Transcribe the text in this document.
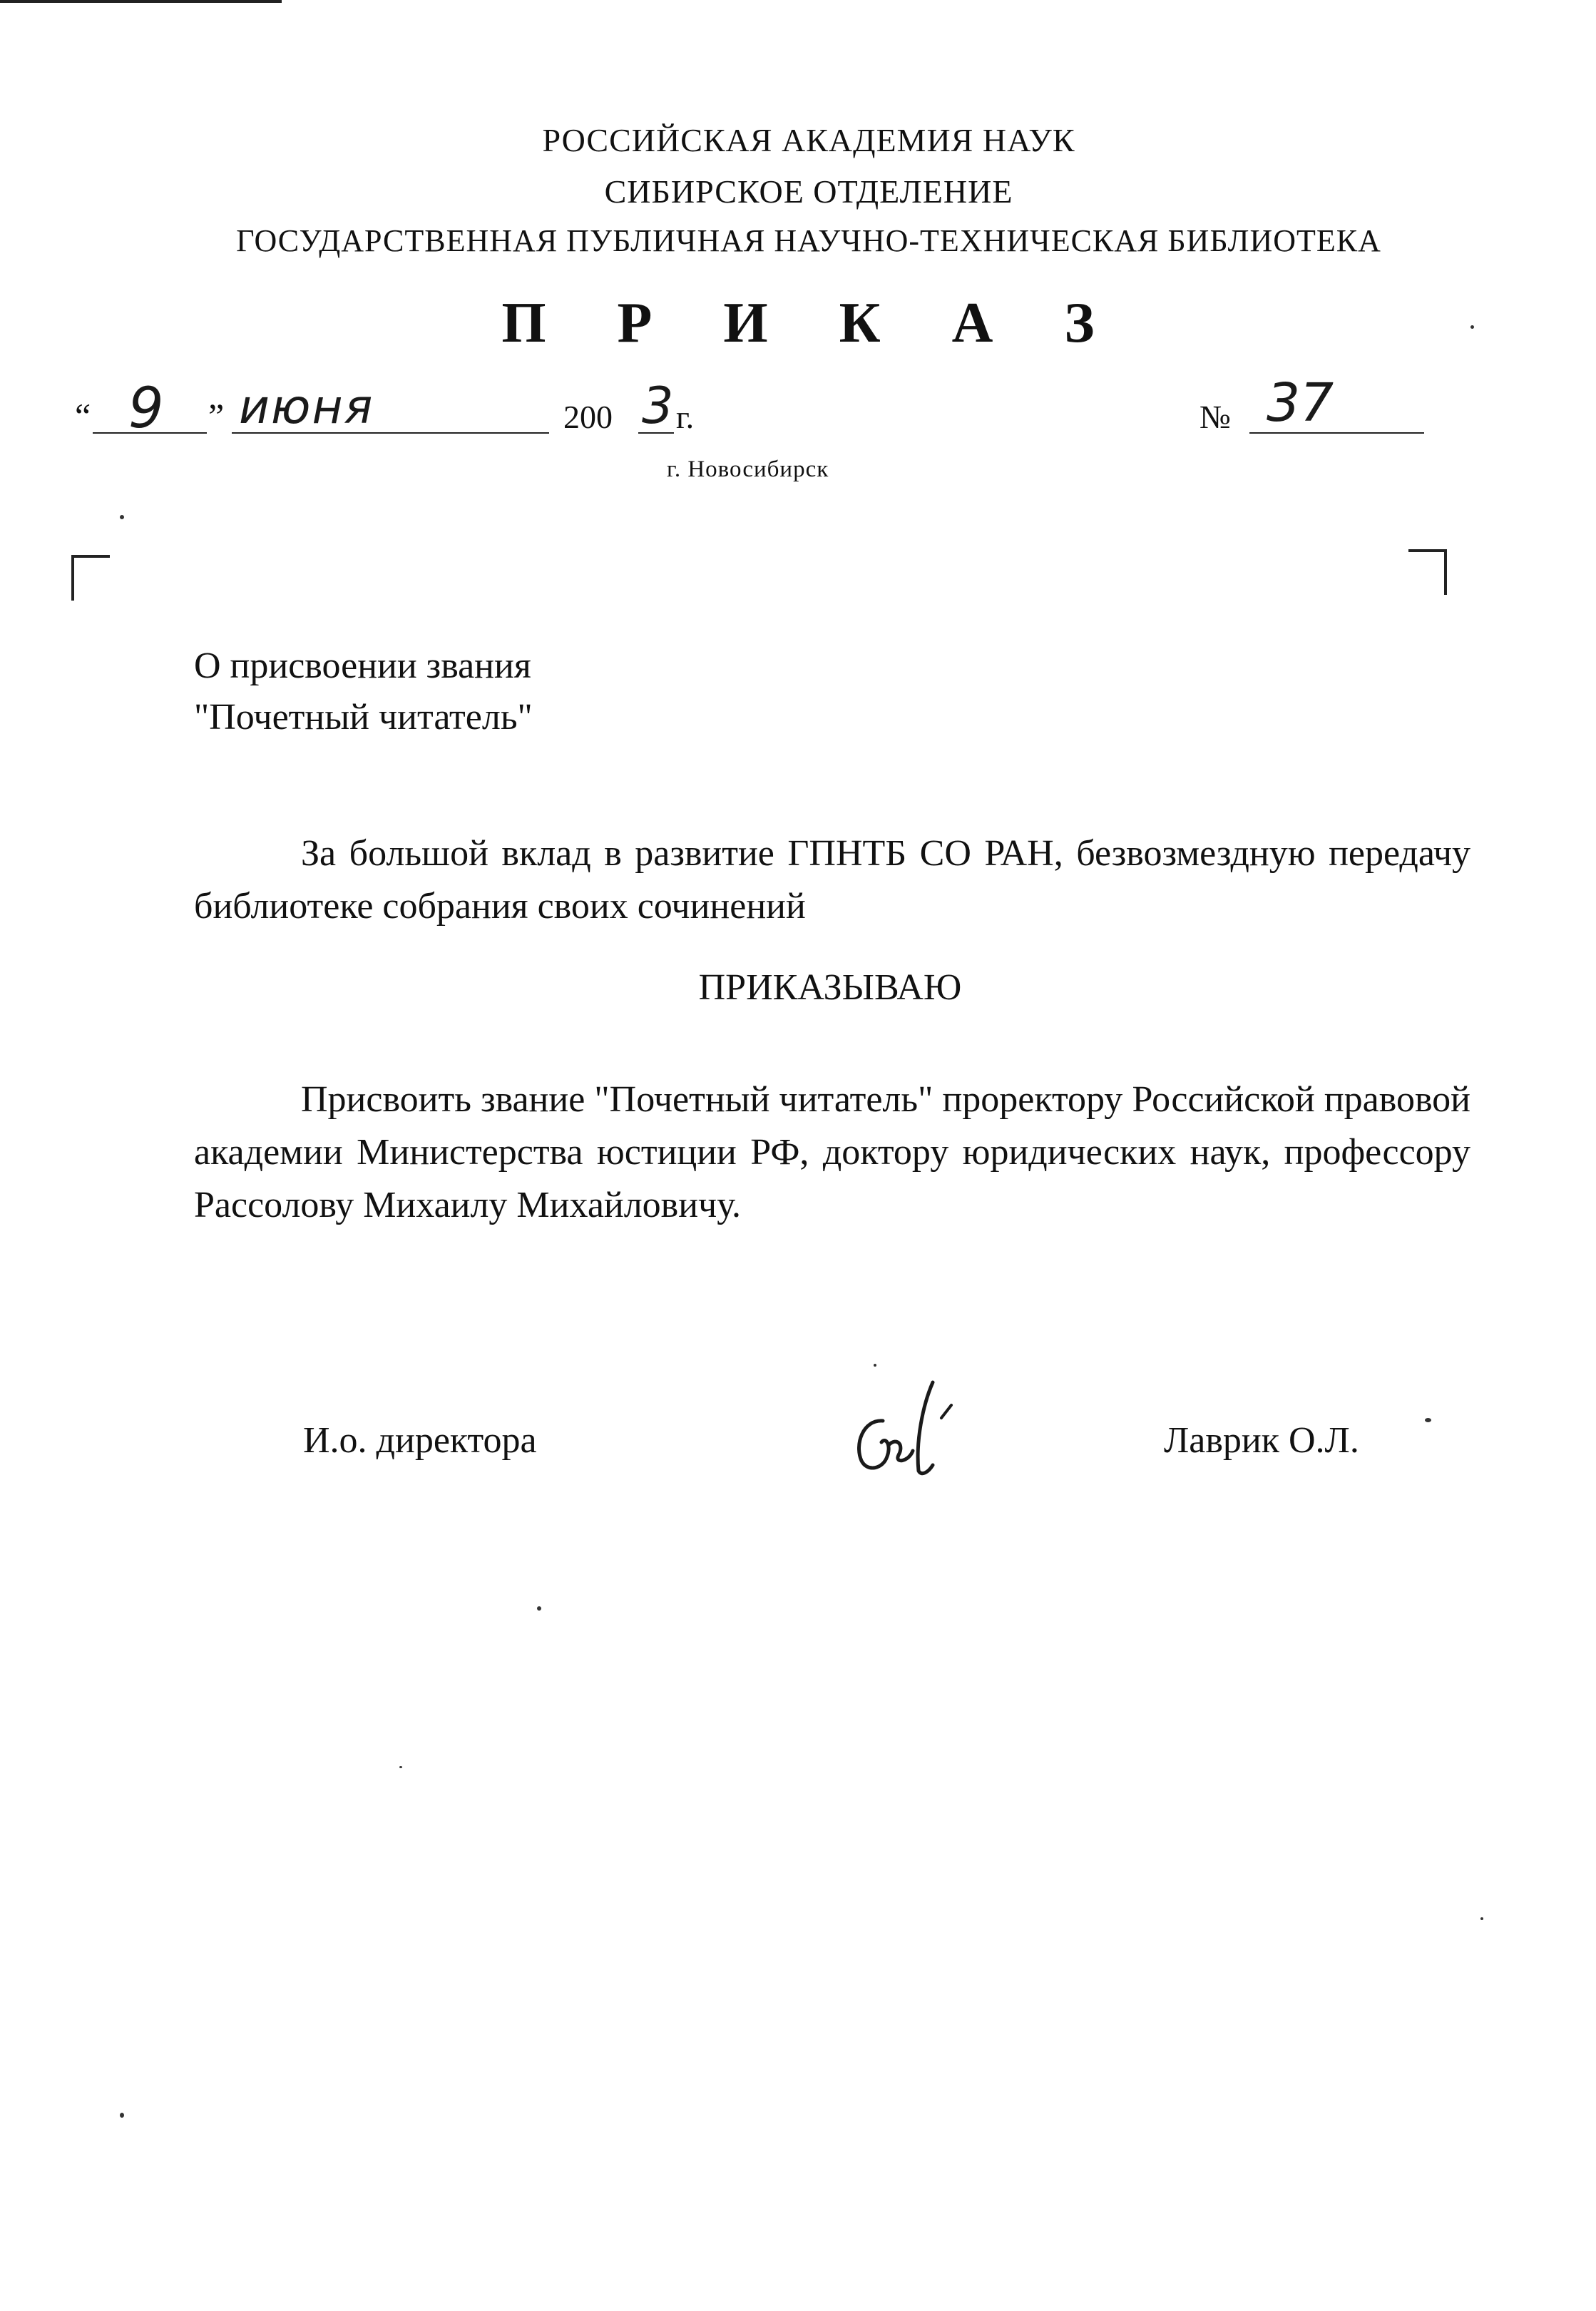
РОССИЙСКАЯ АКАДЕМИЯ НАУК
СИБИРСКОЕ ОТДЕЛЕНИЕ
ГОСУДАРСТВЕННАЯ ПУБЛИЧНАЯ НАУЧНО-ТЕХНИЧЕСКАЯ БИБЛИОТЕКА
П Р И К А З
“ 9 ” июня	200 3 г.	№ 37
г. Новосибирск
О присвоении звания
"Почетный читатель"
За большой вклад в развитие ГПНТБ СО РАН, безвозмездную передачу библиотеке собрания своих сочинений
ПРИКАЗЫВАЮ
Присвоить звание "Почетный читатель" проректору Российской правовой академии Министерства юстиции РФ, доктору юридических наук, профессору Рассолову Михаилу Михайловичу.
И.о. директора	Лаврик О.Л.
